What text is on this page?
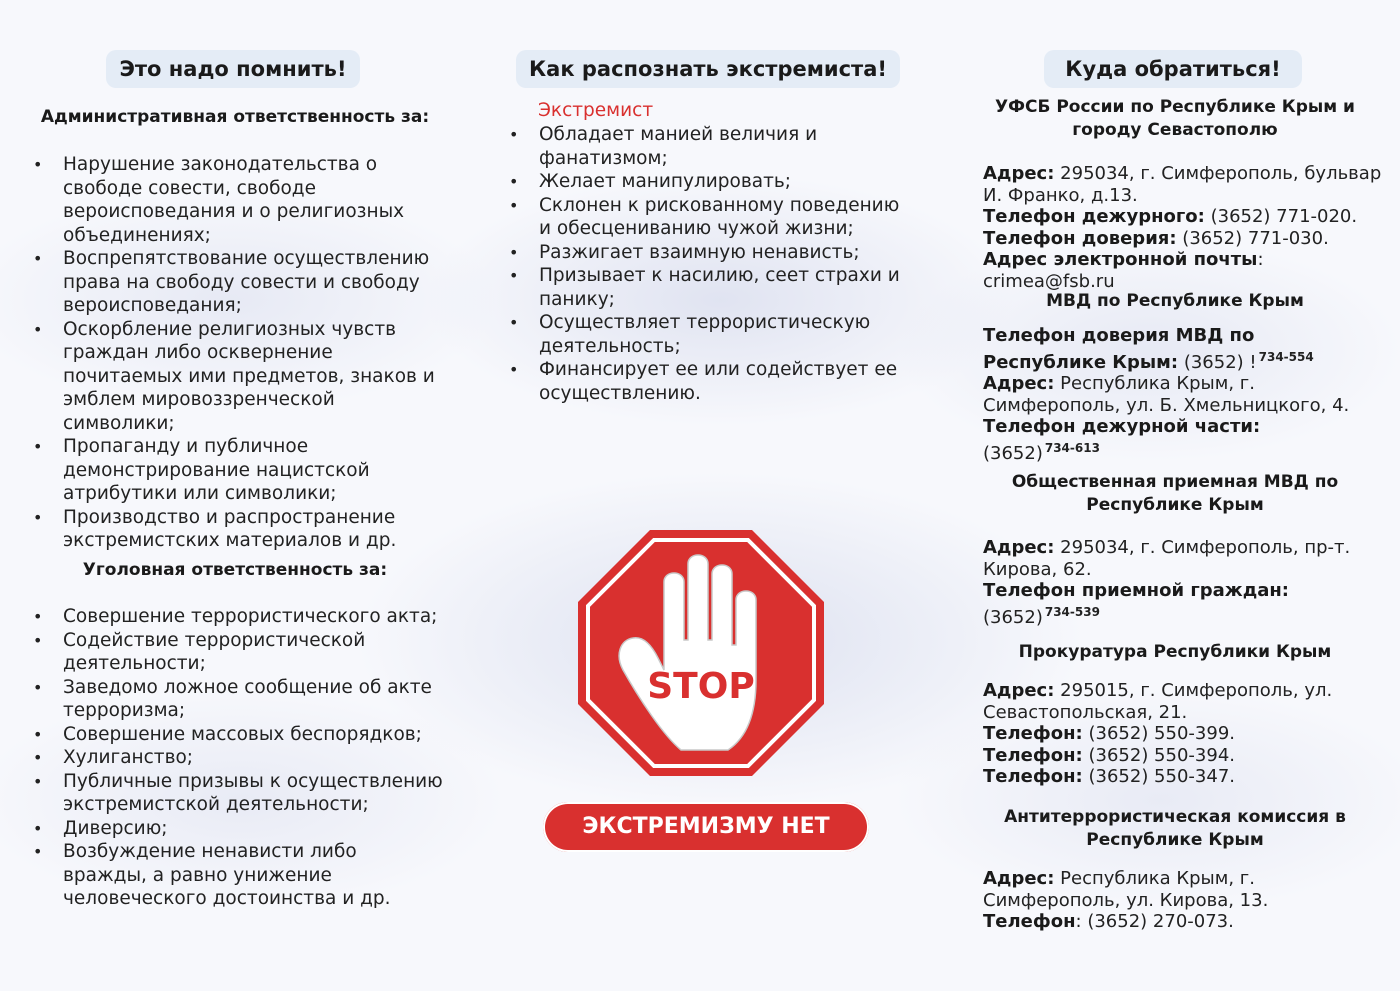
Это надо помнить!
Административная ответственность за:
• Нарушение законодательства о свободе совести, свободе вероисповедания и о религиозных объединениях;
• Воспрепятствование осуществлению права на свободу совести и свободу вероисповедания;
• Оскорбление религиозных чувств граждан либо осквернение почитаемых ими предметов, знаков и эмблем мировоззренческой символики;
• Пропаганду и публичное демонстрирование нацистской атрибутики или символики;
• Производство и распространение экстремистских материалов и др.
Уголовная ответственность за:
• Совершение террористического акта;
• Содействие террористической деятельности;
• Заведомо ложное сообщение об акте терроризма;
• Совершение массовых беспорядков;
• Хулиганство;
• Публичные призывы к осуществлению экстремистской деятельности;
• Диверсию;
• Возбуждение ненависти либо вражды, а равно унижение человеческого достоинства и др.
Как распознать экстремиста!
Экстремист
• Обладает манией величия и фанатизмом;
• Желает манипулировать;
• Склонен к рискованному поведению и обесцениванию чужой жизни;
• Разжигает взаимную ненависть;
• Призывает к насилию, сеет страхи и панику;
• Осуществляет террористическую деятельность;
• Финансирует ее или содействует ее осуществлению.
STOP
ЭКСТРЕМИЗМУ НЕТ
Куда обратиться!
УФСБ России по Республике Крым и городу Севастополю
Адрес: 295034, г. Симферополь, бульвар И. Франко, д.13.
Телефон дежурного: (3652) 771-020.
Телефон доверия: (3652) 771-030.
Адрес электронной почты: crimea@fsb.ru
МВД по Республике Крым
Телефон доверия МВД по Республике Крым: (3652) ! $^{734-554}$
Адрес: Республика Крым, г. Симферополь, ул. Б. Хмельницкого, 4.
Телефон дежурной части:
(3652) $^{734-613}$
Общественная приемная МВД по Республике Крым
Адрес: 295034, г. Симферополь, пр-т. Кирова, 62.
Телефон приемной граждан:
(3652) $^{734-539}$
Прокуратура Республики Крым
Адрес: 295015, г. Симферополь, ул. Севастопольская, 21.
Телефон: (3652) 550-399.
Телефон: (3652) 550-394.
Телефон: (3652) 550-347.
Антитеррористическая комиссия в Республике Крым
Адрес: Республика Крым, г. Симферополь, ул. Кирова, 13.
Телефон: (3652) 270-073.
